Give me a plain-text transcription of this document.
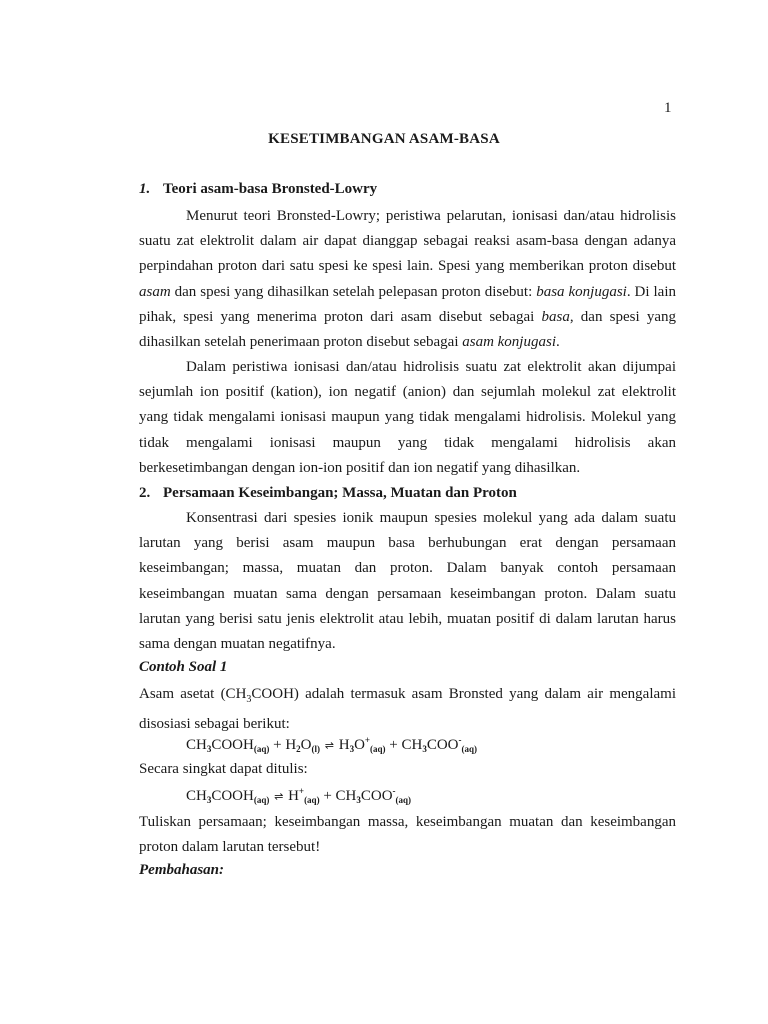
1
KESETIMBANGAN ASAM-BASA
1. Teori asam-basa Bronsted-Lowry

Menurut teori Bronsted-Lowry; peristiwa pelarutan, ionisasi dan/atau hidrolisis suatu zat elektrolit dalam air dapat dianggap sebagai reaksi asam-basa dengan adanya perpindahan proton dari satu spesi ke spesi lain. Spesi yang memberikan proton disebut asam dan spesi yang dihasilkan setelah pelepasan proton disebut: basa konjugasi. Di lain pihak, spesi yang menerima proton dari asam disebut sebagai basa, dan spesi yang dihasilkan setelah penerimaan proton disebut sebagai asam konjugasi.

Dalam peristiwa ionisasi dan/atau hidrolisis suatu zat elektrolit akan dijumpai sejumlah ion positif (kation), ion negatif (anion) dan sejumlah molekul zat elektrolit yang tidak mengalami ionisasi maupun yang tidak mengalami hidrolisis. Molekul yang tidak mengalami ionisasi maupun yang tidak mengalami hidrolisis akan berkesetimbangan dengan ion-ion positif dan ion negatif yang dihasilkan.

2. Persamaan Keseimbangan; Massa, Muatan dan Proton

Konsentrasi dari spesies ionik maupun spesies molekul yang ada dalam suatu larutan yang berisi asam maupun basa berhubungan erat dengan persamaan keseimbangan; massa, muatan dan proton. Dalam banyak contoh persamaan keseimbangan muatan sama dengan persamaan keseimbangan proton. Dalam suatu larutan yang berisi satu jenis elektrolit atau lebih, muatan positif di dalam larutan harus sama dengan muatan negatifnya.

Contoh Soal 1

Asam asetat $(CH_3COOH)$ adalah termasuk asam Bronsted yang dalam air mengalami disosiasi sebagai berikut:

$CH_3COOH_{(aq)} + H_2O_{(l)}$ ⇌ $H_3O^+_{(aq)} + CH_3COO^-_{(aq)}$
Secara singkat dapat ditulis:
$CH_3COOH_{(aq)}$ ⇌ $H^+_{(aq)} + CH_3COO^-_{(aq)}$

Tuliskan persamaan; keseimbangan massa, keseimbangan muatan dan keseimbangan proton dalam larutan tersebut!

Pembahasan:
